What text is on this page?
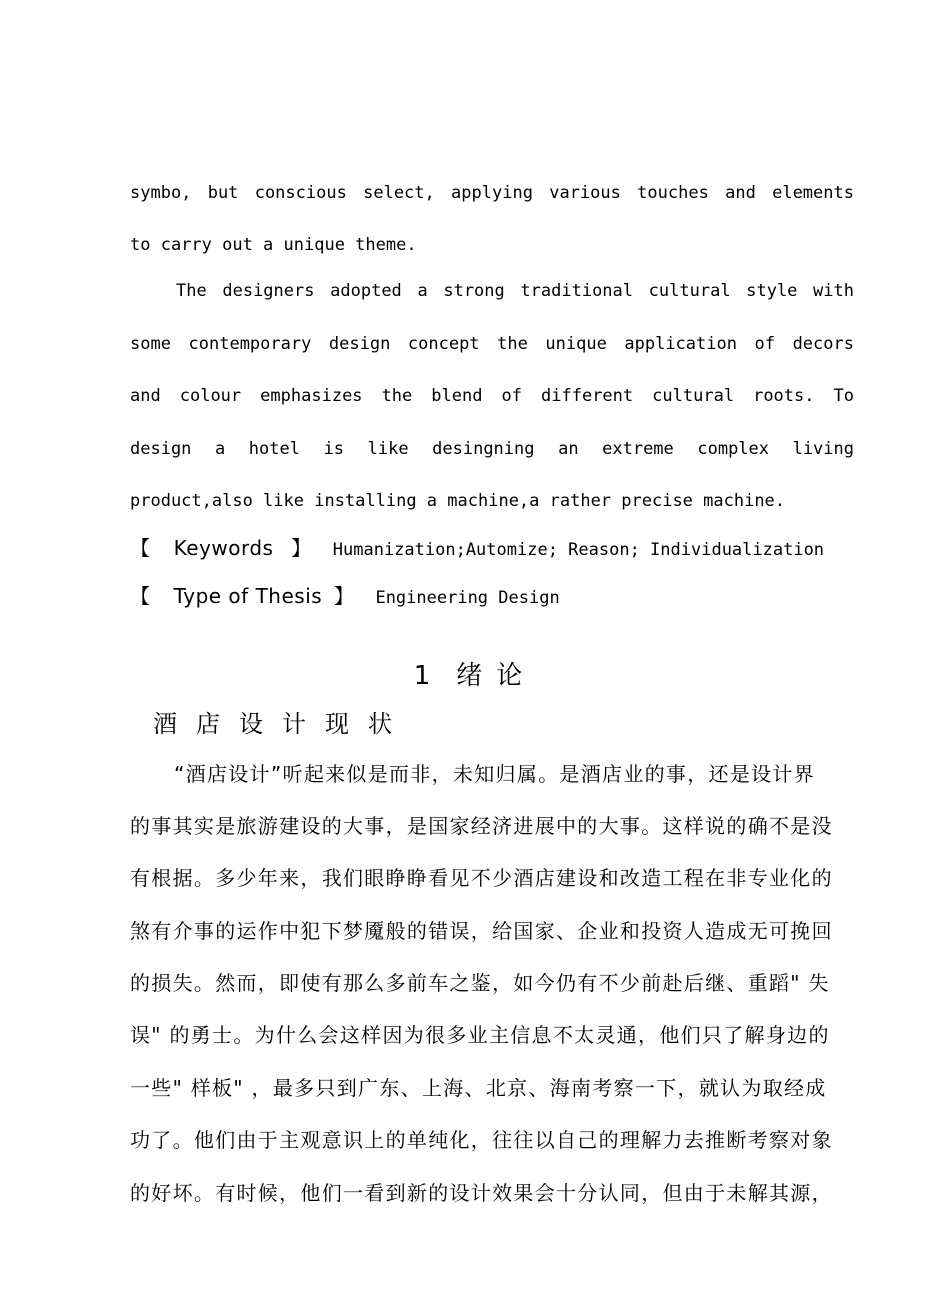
symbo, but conscious select, applying various touches and elements
to carry out a unique theme.
The designers adopted a strong traditional cultural style with
some contemporary design concept the unique application of decors
and colour emphasizes the blend of different cultural roots. To
design a hotel is like desingning an extreme complex living
product,also like installing a machine,a rather precise machine.
【 Keywords 】 Humanization;Automize; Reason; Individualization
【 Type of Thesis 】 Engineering Design
1 绪论
酒店设计现状
“酒店设计”听起来似是而非，未知归属。是酒店业的事，还是设计界
的事其实是旅游建设的大事，是国家经济进展中的大事。这样说的确不是没
有根据。多少年来，我们眼睁睁看见不少酒店建设和改造工程在非专业化的
煞有介事的运作中犯下梦魇般的错误，给国家、企业和投资人造成无可挽回
的损失。然而，即使有那么多前车之鉴，如今仍有不少前赴后继、重蹈" 失
误" 的勇士。为什么会这样因为很多业主信息不太灵通，他们只了解身边的
一些" 样板" ，最多只到广东、上海、北京、海南考察一下，就认为取经成
功了。他们由于主观意识上的单纯化，往往以自己的理解力去推断考察对象
的好坏。有时候，他们一看到新的设计效果会十分认同，但由于未解其源，
